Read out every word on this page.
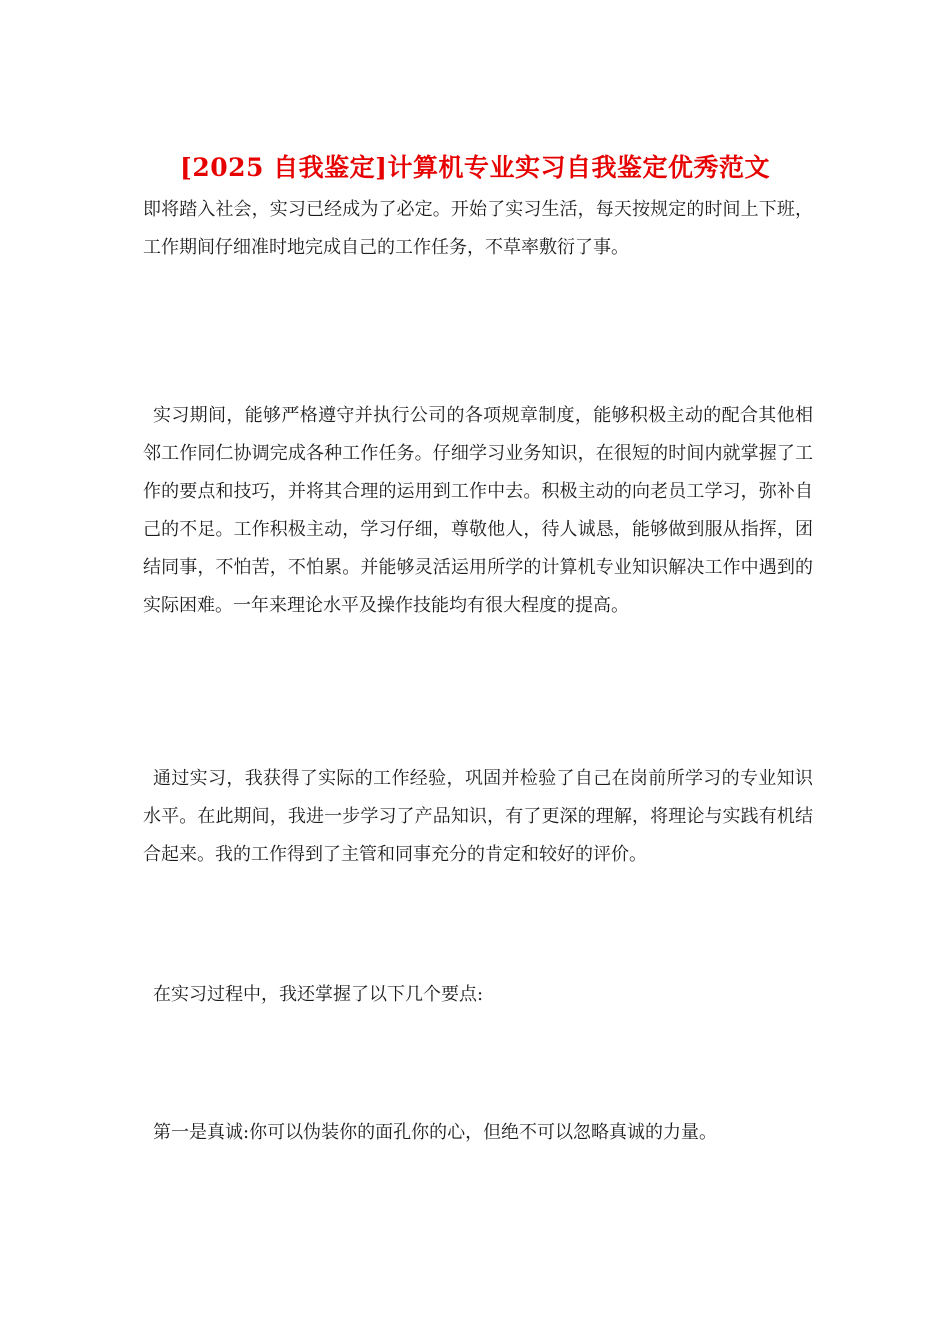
[2025 自我鉴定]计算机专业实习自我鉴定优秀范文

即将踏入社会，实习已经成为了必定。开始了实习生活，每天按规定的时间上下班，工作期间仔细准时地完成自己的工作任务，不草率敷衍了事。

实习期间，能够严格遵守并执行公司的各项规章制度，能够积极主动的配合其他相邻工作同仁协调完成各种工作任务。仔细学习业务知识，在很短的时间内就掌握了工作的要点和技巧，并将其合理的运用到工作中去。积极主动的向老员工学习，弥补自己的不足。工作积极主动，学习仔细，尊敬他人，待人诚恳，能够做到服从指挥，团结同事，不怕苦，不怕累。并能够灵活运用所学的计算机专业知识解决工作中遇到的实际困难。一年来理论水平及操作技能均有很大程度的提高。

通过实习，我获得了实际的工作经验，巩固并检验了自己在岗前所学习的专业知识水平。在此期间，我进一步学习了产品知识，有了更深的理解，将理论与实践有机结合起来。我的工作得到了主管和同事充分的肯定和较好的评价。

在实习过程中，我还掌握了以下几个要点:

第一是真诚:你可以伪装你的面孔你的心，但绝不可以忽略真诚的力量。
